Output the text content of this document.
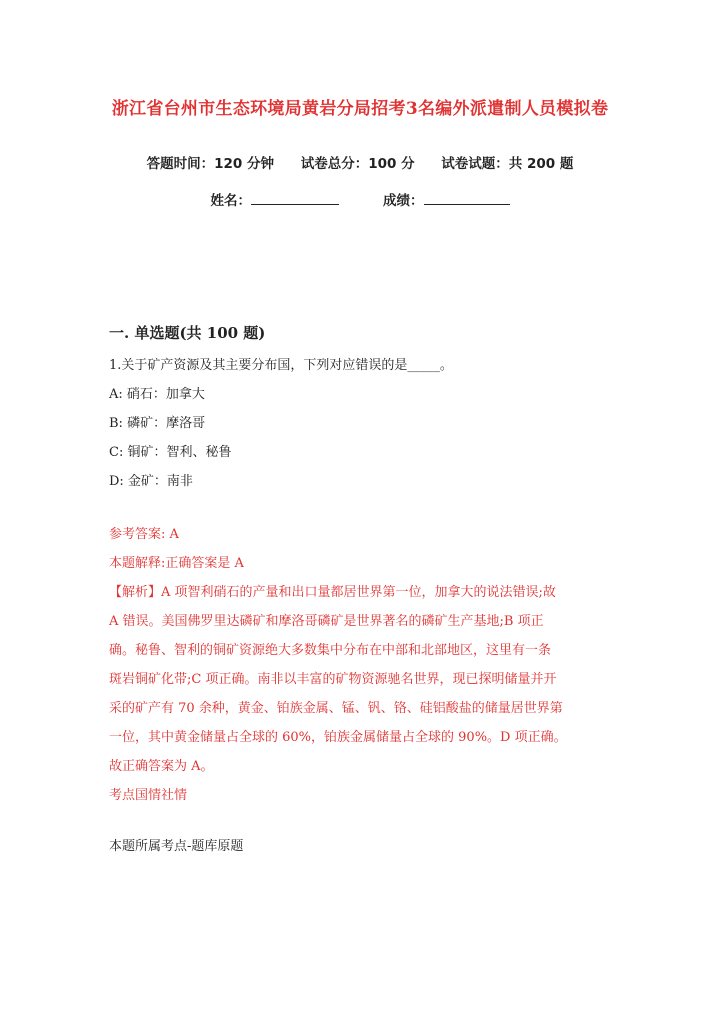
浙江省台州市生态环境局黄岩分局招考3名编外派遣制人员模拟卷
答题时间：120 分钟 试卷总分：100 分 试卷试题：共 200 题
姓名：	成绩：
一. 单选题(共 100 题)
1.关于矿产资源及其主要分布国，下列对应错误的是_____。
A: 硝石：加拿大
B: 磷矿：摩洛哥
C: 铜矿：智利、秘鲁
D: 金矿：南非
参考答案: A
本题解释:正确答案是 A
【解析】A 项智利硝石的产量和出口量都居世界第一位，加拿大的说法错误;故
A 错误。美国佛罗里达磷矿和摩洛哥磷矿是世界著名的磷矿生产基地;B 项正
确。秘鲁、智利的铜矿资源绝大多数集中分布在中部和北部地区，这里有一条
斑岩铜矿化带;C 项正确。南非以丰富的矿物资源驰名世界，现已探明储量并开
采的矿产有 70 余种，黄金、铂族金属、锰、钒、铬、硅铝酸盐的储量居世界第
一位，其中黄金储量占全球的 60%，铂族金属储量占全球的 90%。D 项正确。
故正确答案为 A。
考点国情社情
本题所属考点-题库原题
